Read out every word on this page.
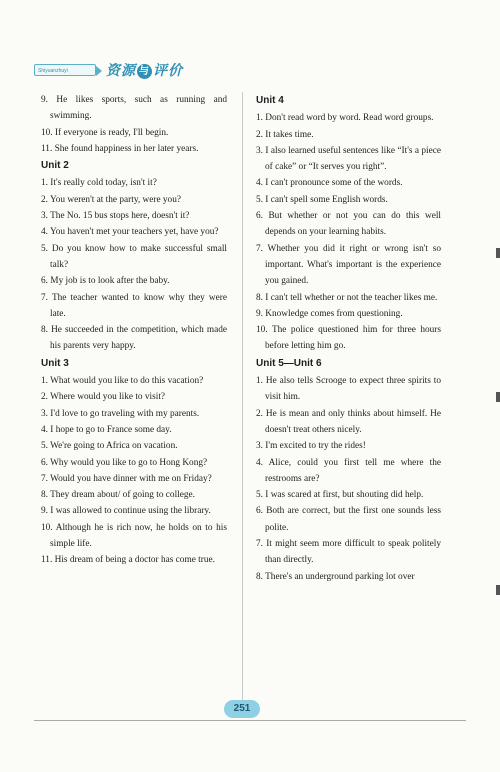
Shiyuanzhuyi	资源 与 评价
9. He likes sports, such as running and swimming.
10. If everyone is ready, I'll begin.
11. She found happiness in her later years.
Unit 2
1. It's really cold today, isn't it?
2. You weren't at the party, were you?
3. The No. 15 bus stops here, doesn't it?
4. You haven't met your teachers yet, have you?
5. Do you know how to make successful small talk?
6. My job is to look after the baby.
7. The teacher wanted to know why they were late.
8. He succeeded in the competition, which made his parents very happy.
Unit 3
1. What would you like to do this vacation?
2. Where would you like to visit?
3. I'd love to go traveling with my parents.
4. I hope to go to France some day.
5. We're going to Africa on vacation.
6. Why would you like to go to Hong Kong?
7. Would you have dinner with me on Friday?
8. They dream about/ of going to college.
9. I was allowed to continue using the library.
10. Although he is rich now, he holds on to his simple life.
11. His dream of being a doctor has come true.
Unit 4
1. Don't read word by word. Read word groups.
2. It takes time.
3. I also learned useful sentences like “It's a piece of cake” or “It serves you right”.
4. I can't pronounce some of the words.
5. I can't spell some English words.
6. But whether or not you can do this well depends on your learning habits.
7. Whether you did it right or wrong isn't so important. What's important is the experience you gained.
8. I can't tell whether or not the teacher likes me.
9. Knowledge comes from questioning.
10. The police questioned him for three hours before letting him go.
Unit 5—Unit 6
1. He also tells Scrooge to expect three spirits to visit him.
2. He is mean and only thinks about himself. He doesn't treat others nicely.
3. I'm excited to try the rides!
4. Alice, could you first tell me where the restrooms are?
5. I was scared at first, but shouting did help.
6. Both are correct, but the first one sounds less polite.
7. It might seem more difficult to speak politely than directly.
8. There's an underground parking lot over
251
